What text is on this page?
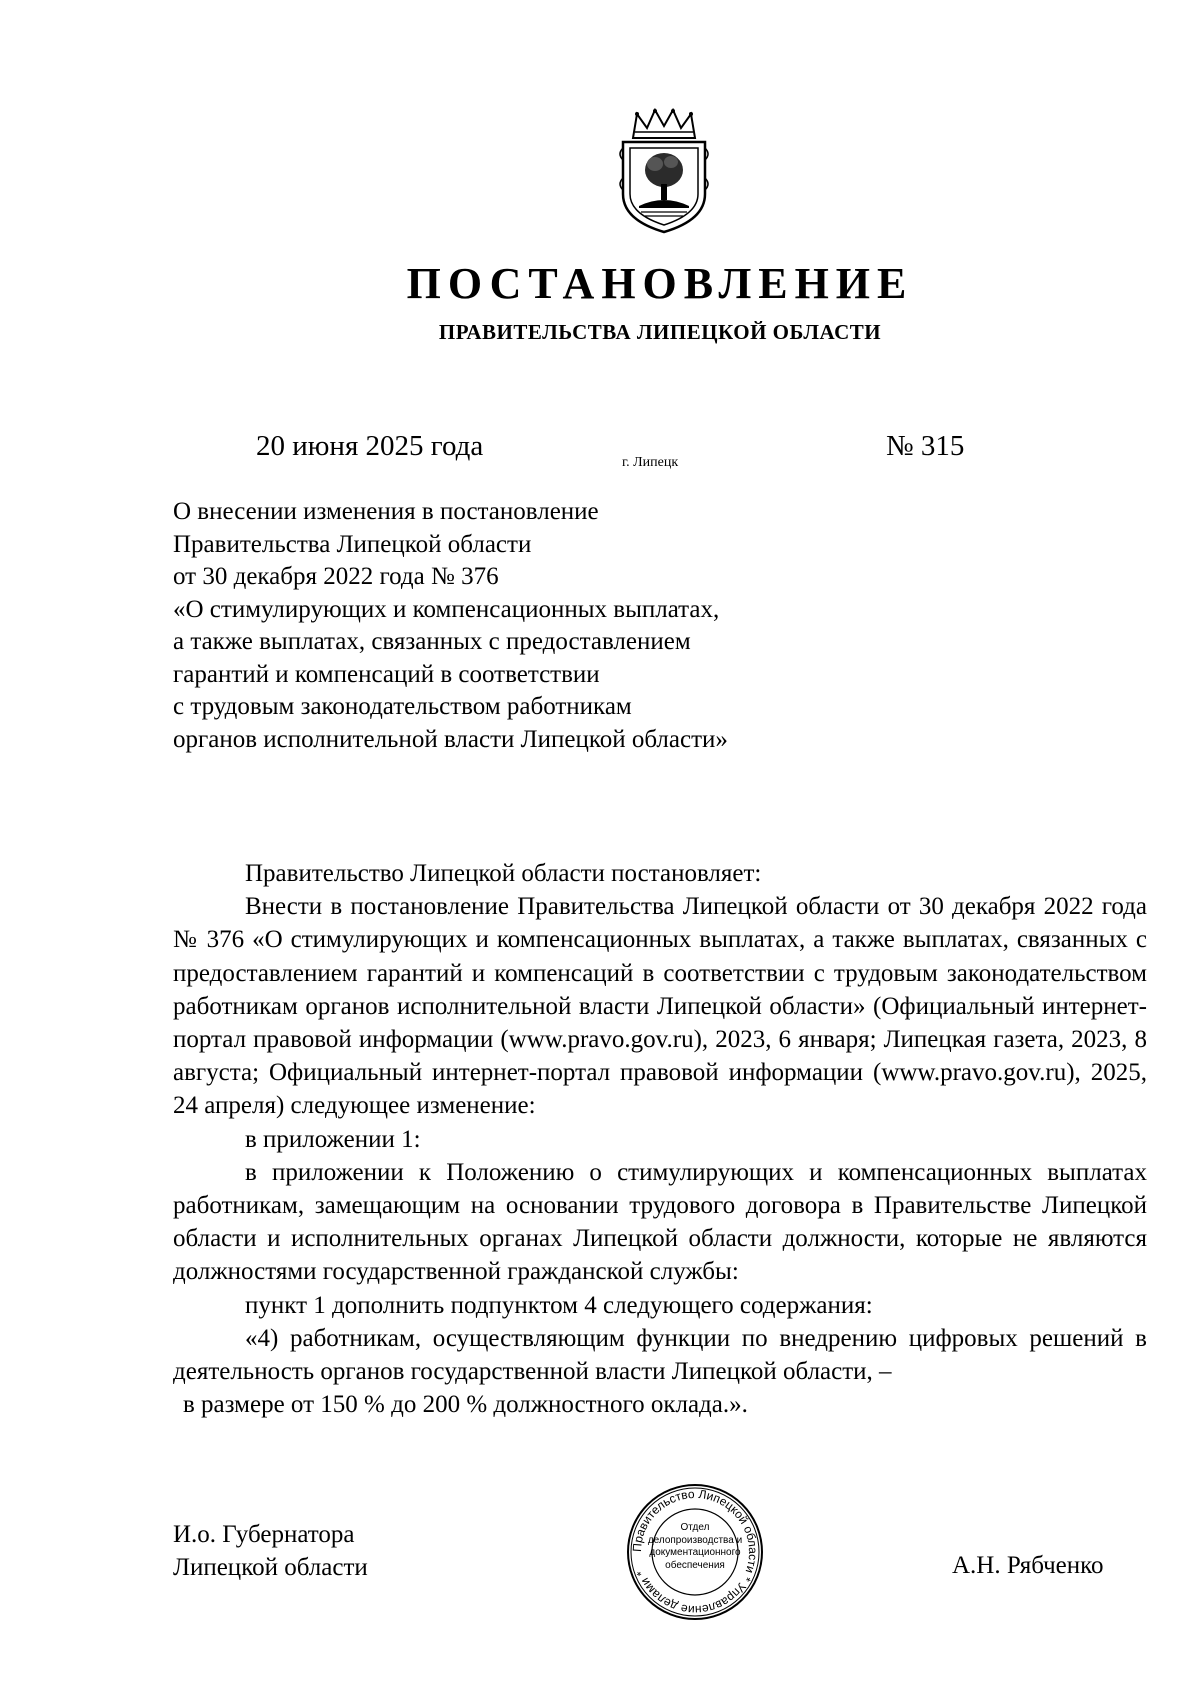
ПОСТАНОВЛЕНИЕ
ПРАВИТЕЛЬСТВА ЛИПЕЦКОЙ ОБЛАСТИ
20 июня 2025 года
г. Липецк
№ 315
О внесении изменения в постановление
Правительства Липецкой области
от 30 декабря 2022 года № 376
«О стимулирующих и компенсационных выплатах,
а также выплатах, связанных с предоставлением
гарантий и компенсаций в соответствии
с трудовым законодательством работникам
органов исполнительной власти Липецкой области»

Правительство Липецкой области постановляет:

Внести в постановление Правительства Липецкой области от 30 декабря 2022 года № 376 «О стимулирующих и компенсационных выплатах, а также выплатах, связанных с предоставлением гарантий и компенсаций в соответствии с трудовым законодательством работникам органов исполнительной власти Липецкой области» (Официальный интернет-портал правовой информации (www.pravo.gov.ru), 2023, 6 января; Липецкая газета, 2023, 8 августа; Официальный интернет-портал правовой информации (www.pravo.gov.ru), 2025, 24 апреля) следующее изменение:

в приложении 1:

в приложении к Положению о стимулирующих и компенсационных выплатах работникам, замещающим на основании трудового договора в Правительстве Липецкой области и исполнительных органах Липецкой области должности, которые не являются должностями государственной гражданской службы:

пункт 1 дополнить подпунктом 4 следующего содержания:

«4) работникам, осуществляющим функции по внедрению цифровых решений в деятельность органов государственной власти Липецкой области, –

в размере от 150 % до 200 % должностного оклада.».

И.о. Губернатора
Липецкой области	А.Н. Рябченко
Правительство Липецкой области * Управление делами *
Отдел
делопроизводства и
документационного
обеспечения
